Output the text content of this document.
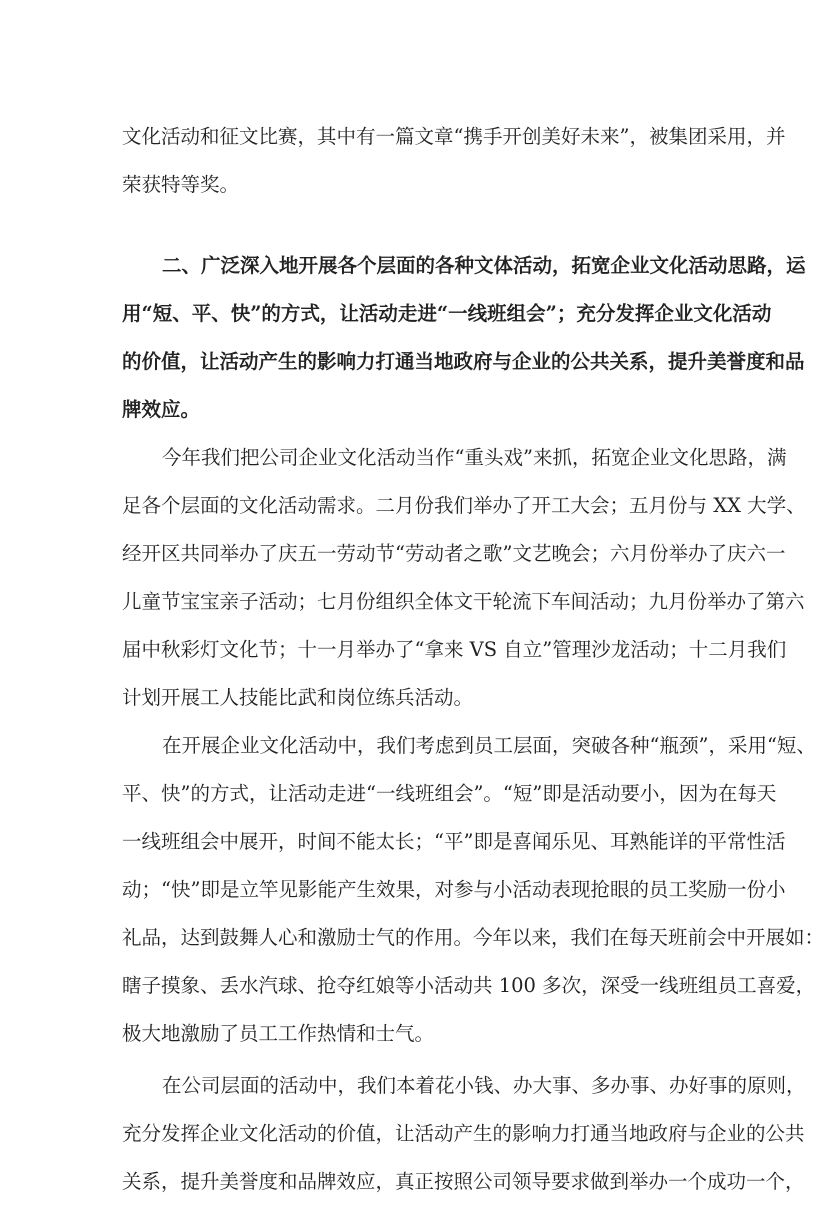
文化活动和征文比赛，其中有一篇文章“携手开创美好未来”，被集团采用，并
荣获特等奖。
二、广泛深入地开展各个层面的各种文体活动，拓宽企业文化活动思路，运
用“短、平、快”的方式，让活动走进“一线班组会”；充分发挥企业文化活动
的价值，让活动产生的影响力打通当地政府与企业的公共关系，提升美誉度和品
牌效应。
今年我们把公司企业文化活动当作“重头戏”来抓，拓宽企业文化思路，满
足各个层面的文化活动需求。二月份我们举办了开工大会；五月份与 XX 大学、
经开区共同举办了庆五一劳动节“劳动者之歌”文艺晚会；六月份举办了庆六一
儿童节宝宝亲子活动；七月份组织全体文干轮流下车间活动；九月份举办了第六
届中秋彩灯文化节；十一月举办了“拿来 VS 自立”管理沙龙活动；十二月我们
计划开展工人技能比武和岗位练兵活动。
在开展企业文化活动中，我们考虑到员工层面，突破各种“瓶颈”，采用“短、
平、快”的方式，让活动走进“一线班组会”。“短”即是活动要小，因为在每天
一线班组会中展开，时间不能太长；“平”即是喜闻乐见、耳熟能详的平常性活
动；“快”即是立竿见影能产生效果，对参与小活动表现抢眼的员工奖励一份小
礼品，达到鼓舞人心和激励士气的作用。今年以来，我们在每天班前会中开展如：
瞎子摸象、丢水汽球、抢夺红娘等小活动共 100 多次，深受一线班组员工喜爱，
极大地激励了员工工作热情和士气。
在公司层面的活动中，我们本着花小钱、办大事、多办事、办好事的原则，
充分发挥企业文化活动的价值，让活动产生的影响力打通当地政府与企业的公共
关系，提升美誉度和品牌效应，真正按照公司领导要求做到举办一个成功一个，
